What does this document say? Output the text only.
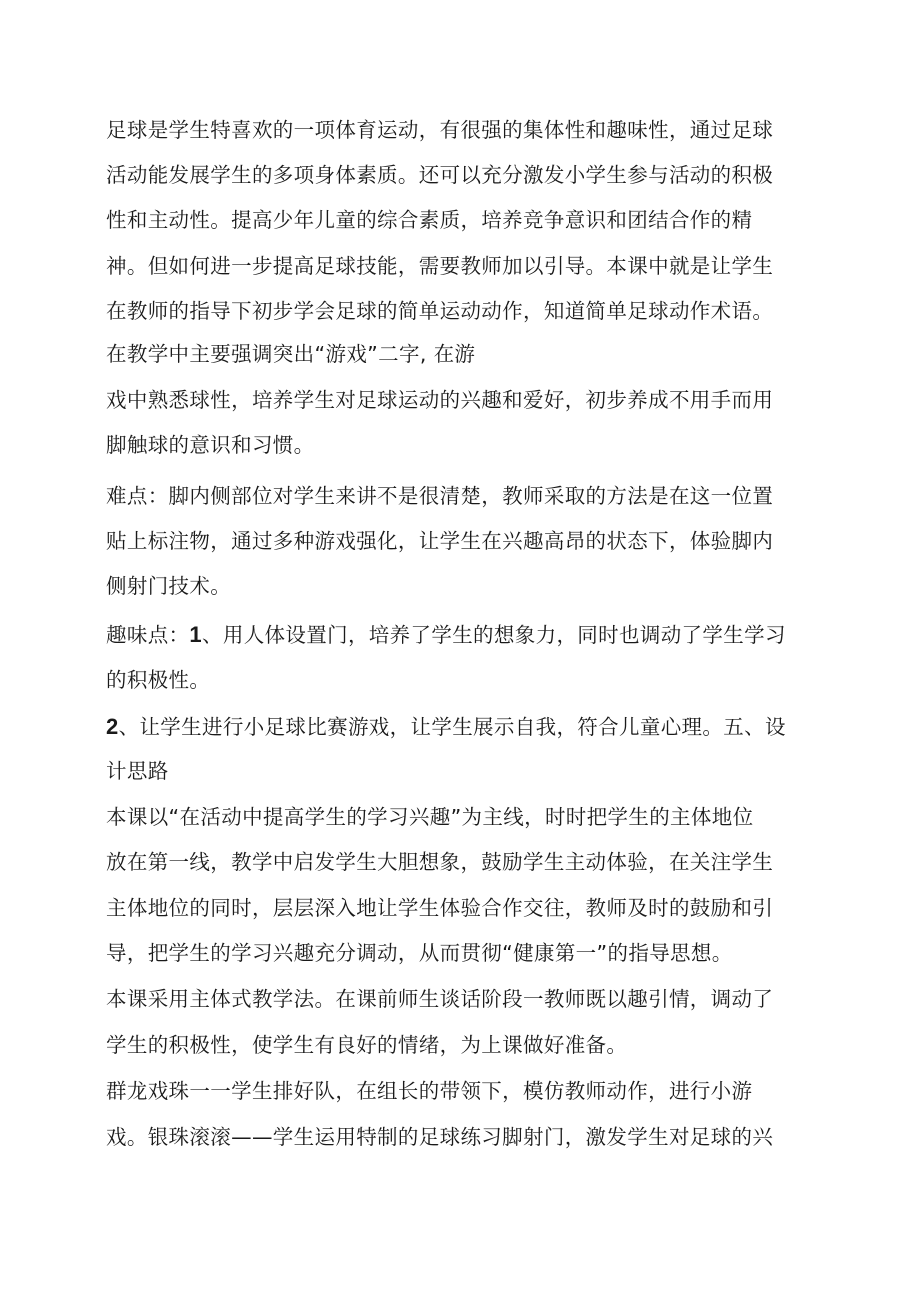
足球是学生特喜欢的一项体育运动，有很强的集体性和趣味性，通过足球

活动能发展学生的多项身体素质。还可以充分激发小学生参与活动的积极

性和主动性。提高少年儿童的综合素质，培养竞争意识和团结合作的精

神。但如何进一步提高足球技能，需要教师加以引导。本课中就是让学生

在教师的指导下初步学会足球的简单运动动作，知道简单足球动作术语。

在教学中主要强调突出“游戏”二字, 在游

戏中熟悉球性，培养学生对足球运动的兴趣和爱好，初步养成不用手而用

脚触球的意识和习惯。

难点：脚内侧部位对学生来讲不是很清楚，教师采取的方法是在这一位置

贴上标注物，通过多种游戏强化，让学生在兴趣高昂的状态下，体验脚内

侧射门技术。

趣味点：1、用人体设置门，培养了学生的想象力，同时也调动了学生学习

的积极性。

2、让学生进行小足球比赛游戏，让学生展示自我，符合儿童心理。五、设

计思路

本课以“在活动中提高学生的学习兴趣”为主线，时时把学生的主体地位

放在第一线，教学中启发学生大胆想象，鼓励学生主动体验，在关注学生

主体地位的同时，层层深入地让学生体验合作交往，教师及时的鼓励和引

导，把学生的学习兴趣充分调动，从而贯彻“健康第一”的指导思想。

本课采用主体式教学法。在课前师生谈话阶段一教师既以趣引情，调动了

学生的积极性，使学生有良好的情绪，为上课做好准备。

群龙戏珠一一学生排好队，在组长的带领下，模仿教师动作，进行小游

戏。银珠滚滚——学生运用特制的足球练习脚射门，激发学生对足球的兴
